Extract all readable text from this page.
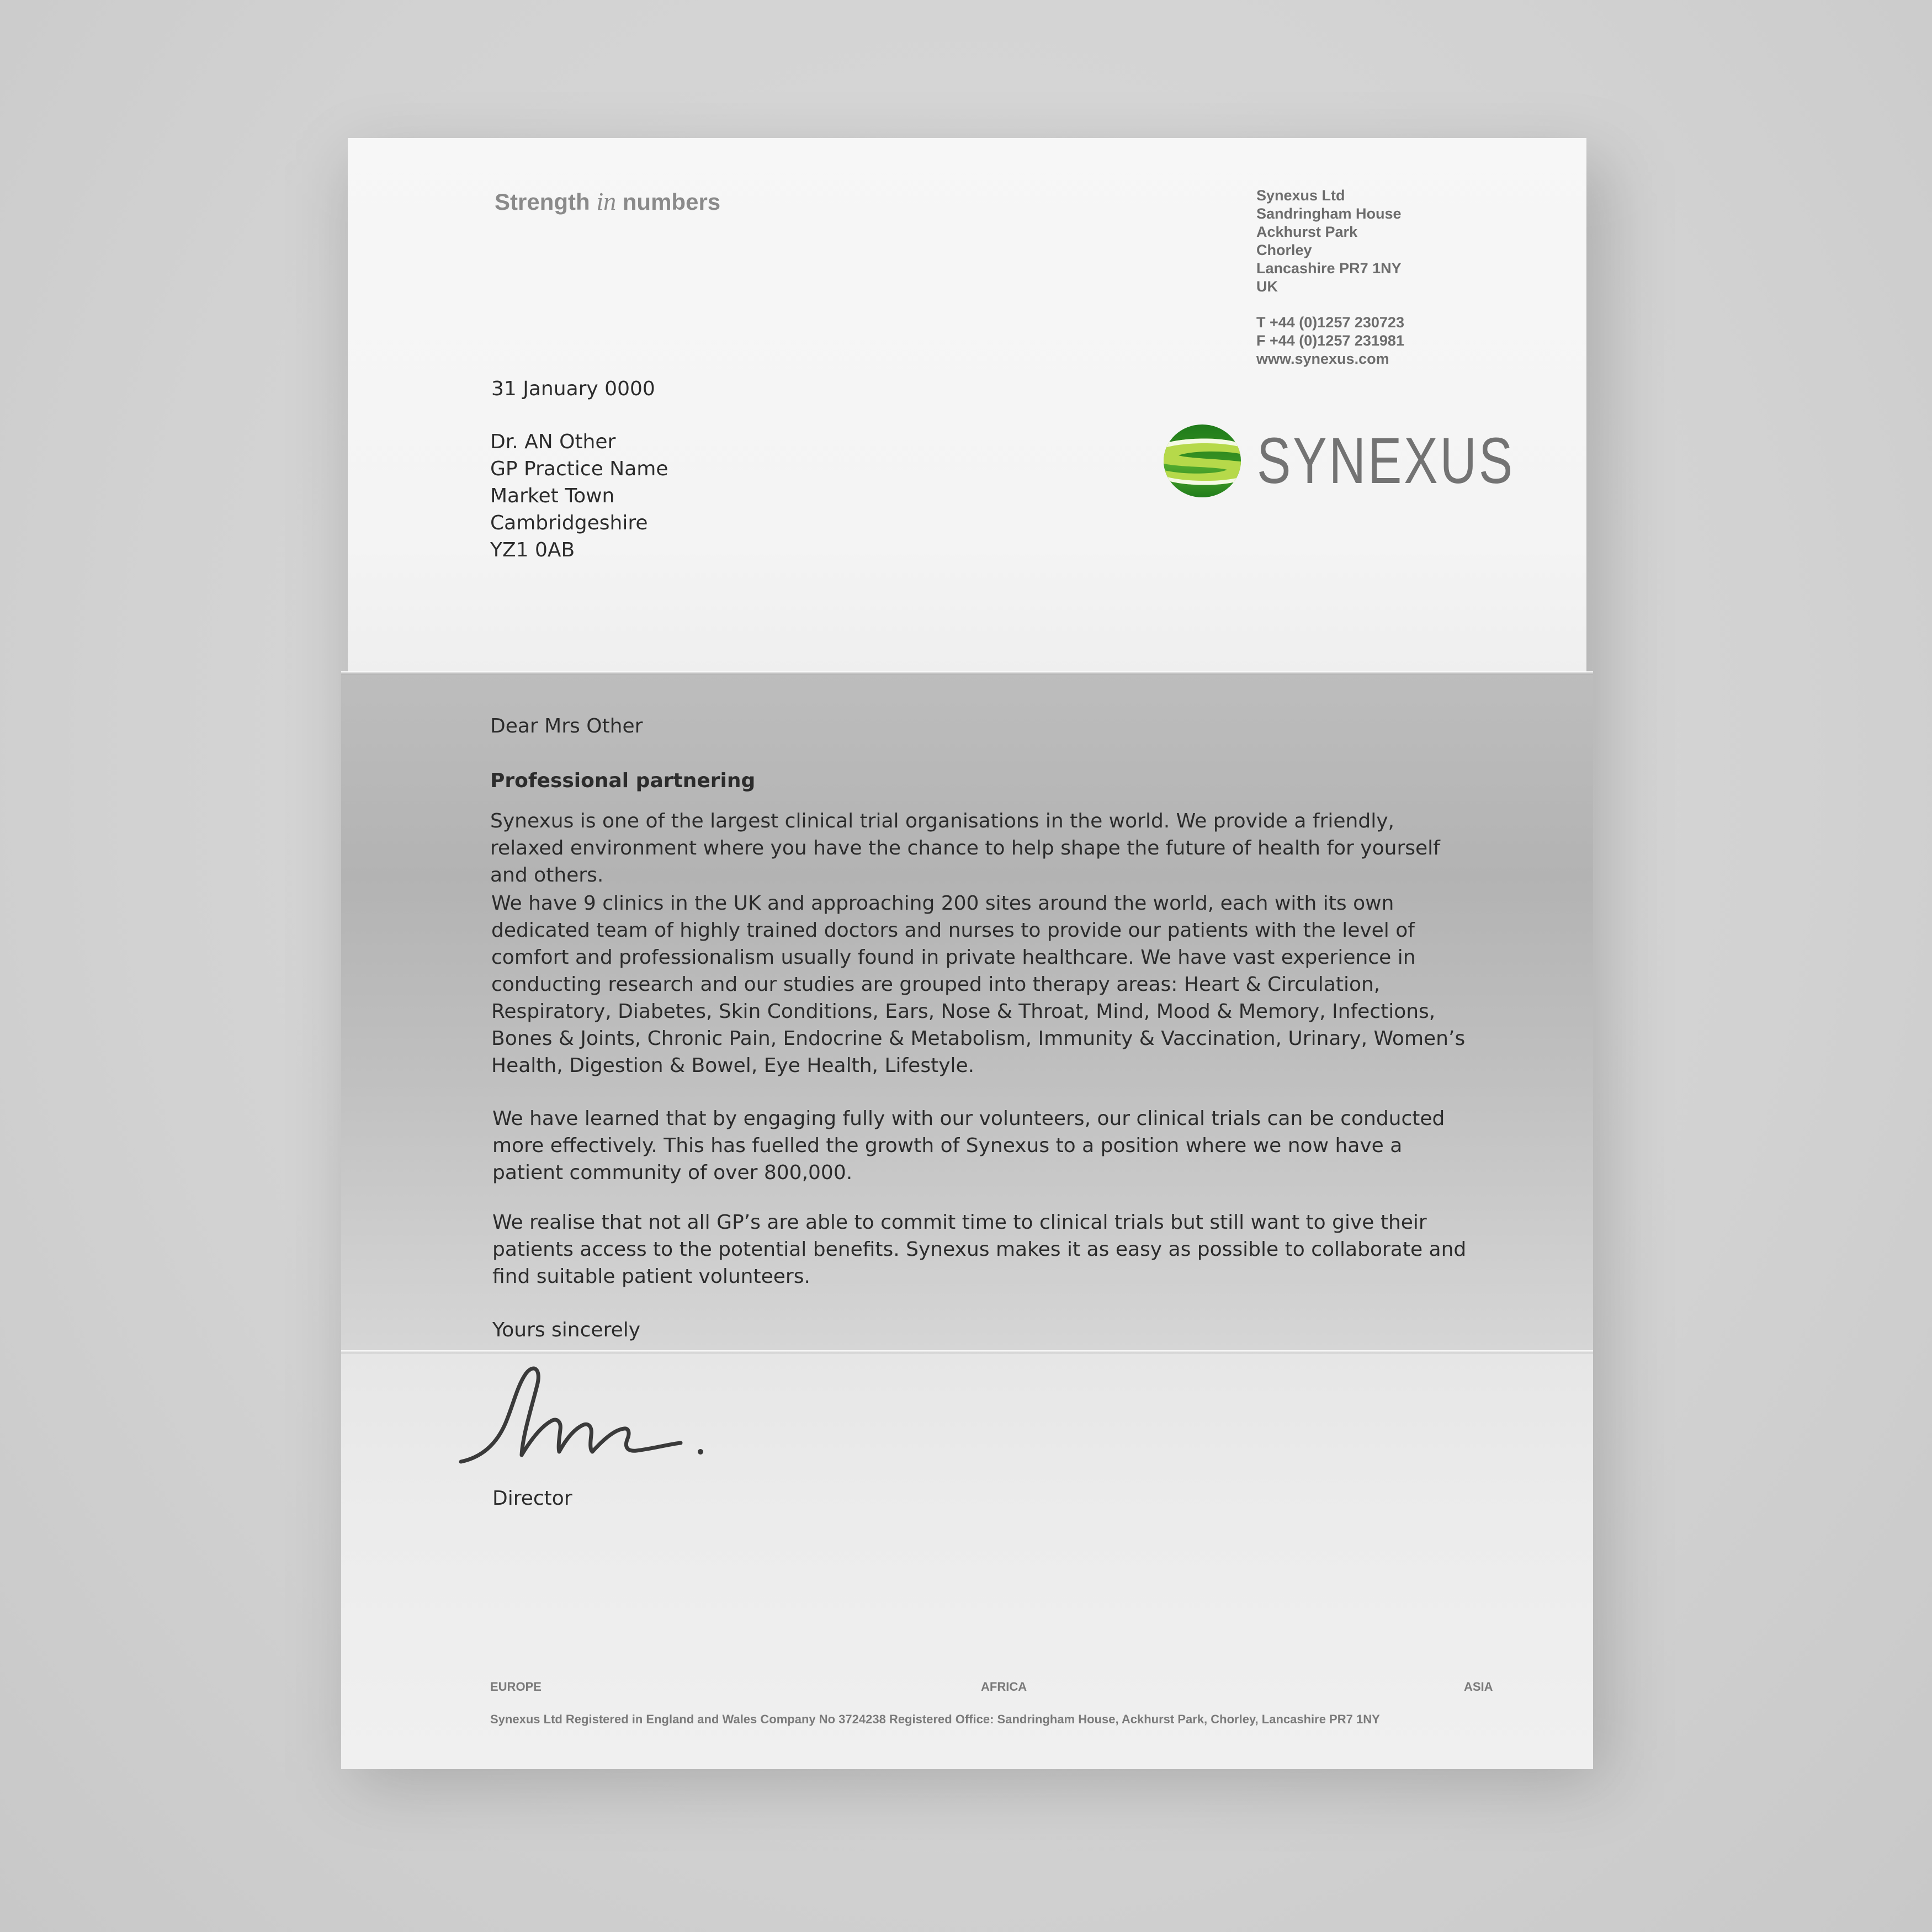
Strength in numbers	Synexus Ltd
Sandringham House
Ackhurst Park
Chorley
Lancashire PR7 1NY
UK
T +44 (0)1257 230723
F +44 (0)1257 231981
www.synexus.com
SYNEXUS
31 January 0000
Dr. AN Other
GP Practice Name
Market Town
Cambridgeshire
YZ1 0AB
Dear Mrs Other
Professional partnering
Synexus is one of the largest clinical trial organisations in the world. We provide a friendly, relaxed environment where you have the chance to help shape the future of health for yourself and others.
We have 9 clinics in the UK and approaching 200 sites around the world, each with its own dedicated team of highly trained doctors and nurses to provide our patients with the level of comfort and professionalism usually found in private healthcare. We have vast experience in conducting research and our studies are grouped into therapy areas: Heart & Circulation, Respiratory, Diabetes, Skin Conditions, Ears, Nose & Throat, Mind, Mood & Memory, Infections, Bones & Joints, Chronic Pain, Endocrine & Metabolism, Immunity & Vaccination, Urinary, Women’s Health, Digestion & Bowel, Eye Health, Lifestyle.
We have learned that by engaging fully with our volunteers, our clinical trials can be conducted more effectively. This has fuelled the growth of Synexus to a position where we now have a patient community of over 800,000.
We realise that not all GP’s are able to commit time to clinical trials but still want to give their patients access to the potential benefits. Synexus makes it as easy as possible to collaborate and find suitable patient volunteers.
Yours sincerely
Director
EUROPE	AFRICA	ASIA
Synexus Ltd Registered in England and Wales Company No 3724238 Registered Office: Sandringham House, Ackhurst Park, Chorley, Lancashire PR7 1NY
